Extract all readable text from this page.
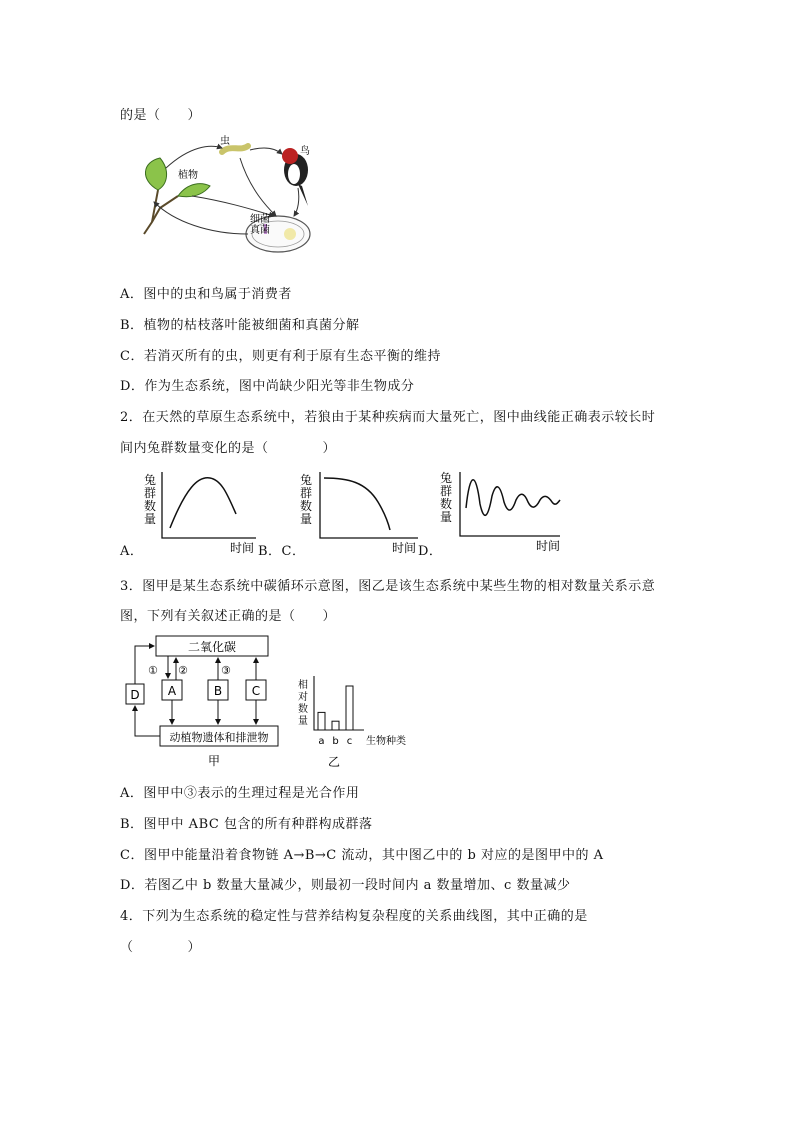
的是（　　）
虫
鸟
植物
细菌
真菌
A．图中的虫和鸟属于消费者
B．植物的枯枝落叶能被细菌和真菌分解
C．若消灭所有的虫，则更有利于原有生态平衡的维持
D．作为生态系统，图中尚缺少阳光等非生物成分
2．在天然的草原生态系统中，若狼由于某种疾病而大量死亡，图中曲线能正确表示较长时
间内兔群数量变化的是（　　　　）
兔
群
数
量
时间
兔
群
数
量
时间
兔
群
数
量
时间
A．	B．C．	D．
3．图甲是某生态系统中碳循环示意图，图乙是该生态系统中某些生物的相对数量关系示意
图，下列有关叙述正确的是（　　）
二氧化碳
A	B C
D
动植物遗体和排泄物
① ②	③
甲
相
对
数
量
a b c 生物种类
乙
A．图甲中③表示的生理过程是光合作用
B．图甲中 ABC 包含的所有种群构成群落
C．图甲中能量沿着食物链 A→B→C 流动，其中图乙中的 b 对应的是图甲中的 A
D．若图乙中 b 数量大量减少，则最初一段时间内 a 数量增加、c 数量减少
4．下列为生态系统的稳定性与营养结构复杂程度的关系曲线图，其中正确的是
（　　　　）
